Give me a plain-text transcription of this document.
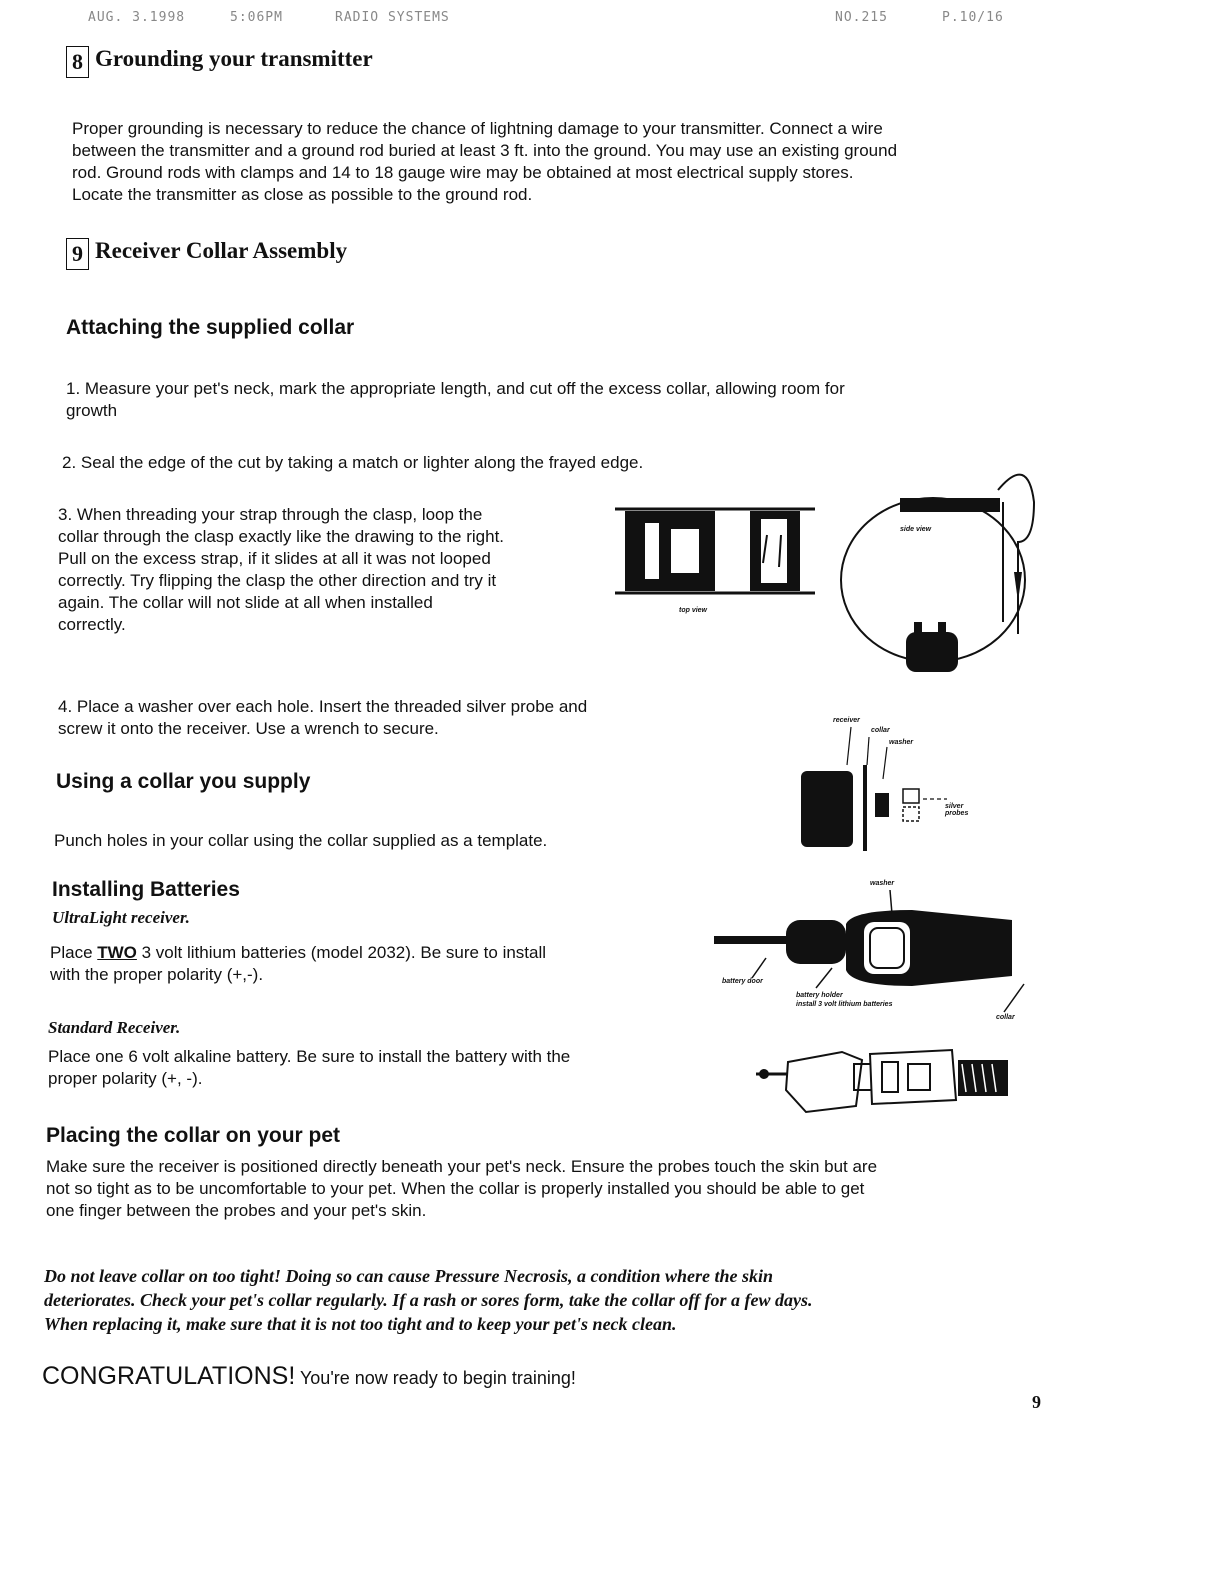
AUG. 3.1998	5:06PM	RADIO SYSTEMS	NO.215	P.10/16
8 Grounding your transmitter
Proper grounding is necessary to reduce the chance of lightning damage to your transmitter. Connect a wire
between the transmitter and a ground rod buried at least 3 ft. into the ground. You may use an existing ground
rod. Ground rods with clamps and 14 to 18 gauge wire may be obtained at most electrical supply stores.
Locate the transmitter as close as possible to the ground rod.
9 Receiver Collar Assembly
Attaching the supplied collar
1. Measure your pet's neck, mark the appropriate length, and cut off the excess collar, allowing room for
growth
2. Seal the edge of the cut by taking a match or lighter along the frayed edge.
3. When threading your strap through the clasp, loop the
collar through the clasp exactly like the drawing to the right.
Pull on the excess strap, if it slides at all it was not looped
correctly. Try flipping the clasp the other direction and try it
again. The collar will not slide at all when installed
correctly.
top view
side view
4. Place a washer over each hole. Insert the threaded silver probe and
screw it onto the receiver. Use a wrench to secure.	receiver
collar
washer
silver probes
Using a collar you supply
Punch holes in your collar using the collar supplied as a template.
Installing Batteries
UltraLight receiver.
Place TWO 3 volt lithium batteries (model 2032). Be sure to install
with the proper polarity (+,-).
washer
battery door
battery holder
install 3 volt lithium batteries
collar
Standard Receiver.
Place one 6 volt alkaline battery. Be sure to install the battery with the
proper polarity (+, -).
Placing the collar on your pet
Make sure the receiver is positioned directly beneath your pet's neck. Ensure the probes touch the skin but are
not so tight as to be uncomfortable to your pet. When the collar is properly installed you should be able to get
one finger between the probes and your pet's skin.
Do not leave collar on too tight! Doing so can cause Pressure Necrosis, a condition where the skin
deteriorates. Check your pet's collar regularly. If a rash or sores form, take the collar off for a few days.
When replacing it, make sure that it is not too tight and to keep your pet's neck clean.
CONGRATULATIONS! You're now ready to begin training!
9
